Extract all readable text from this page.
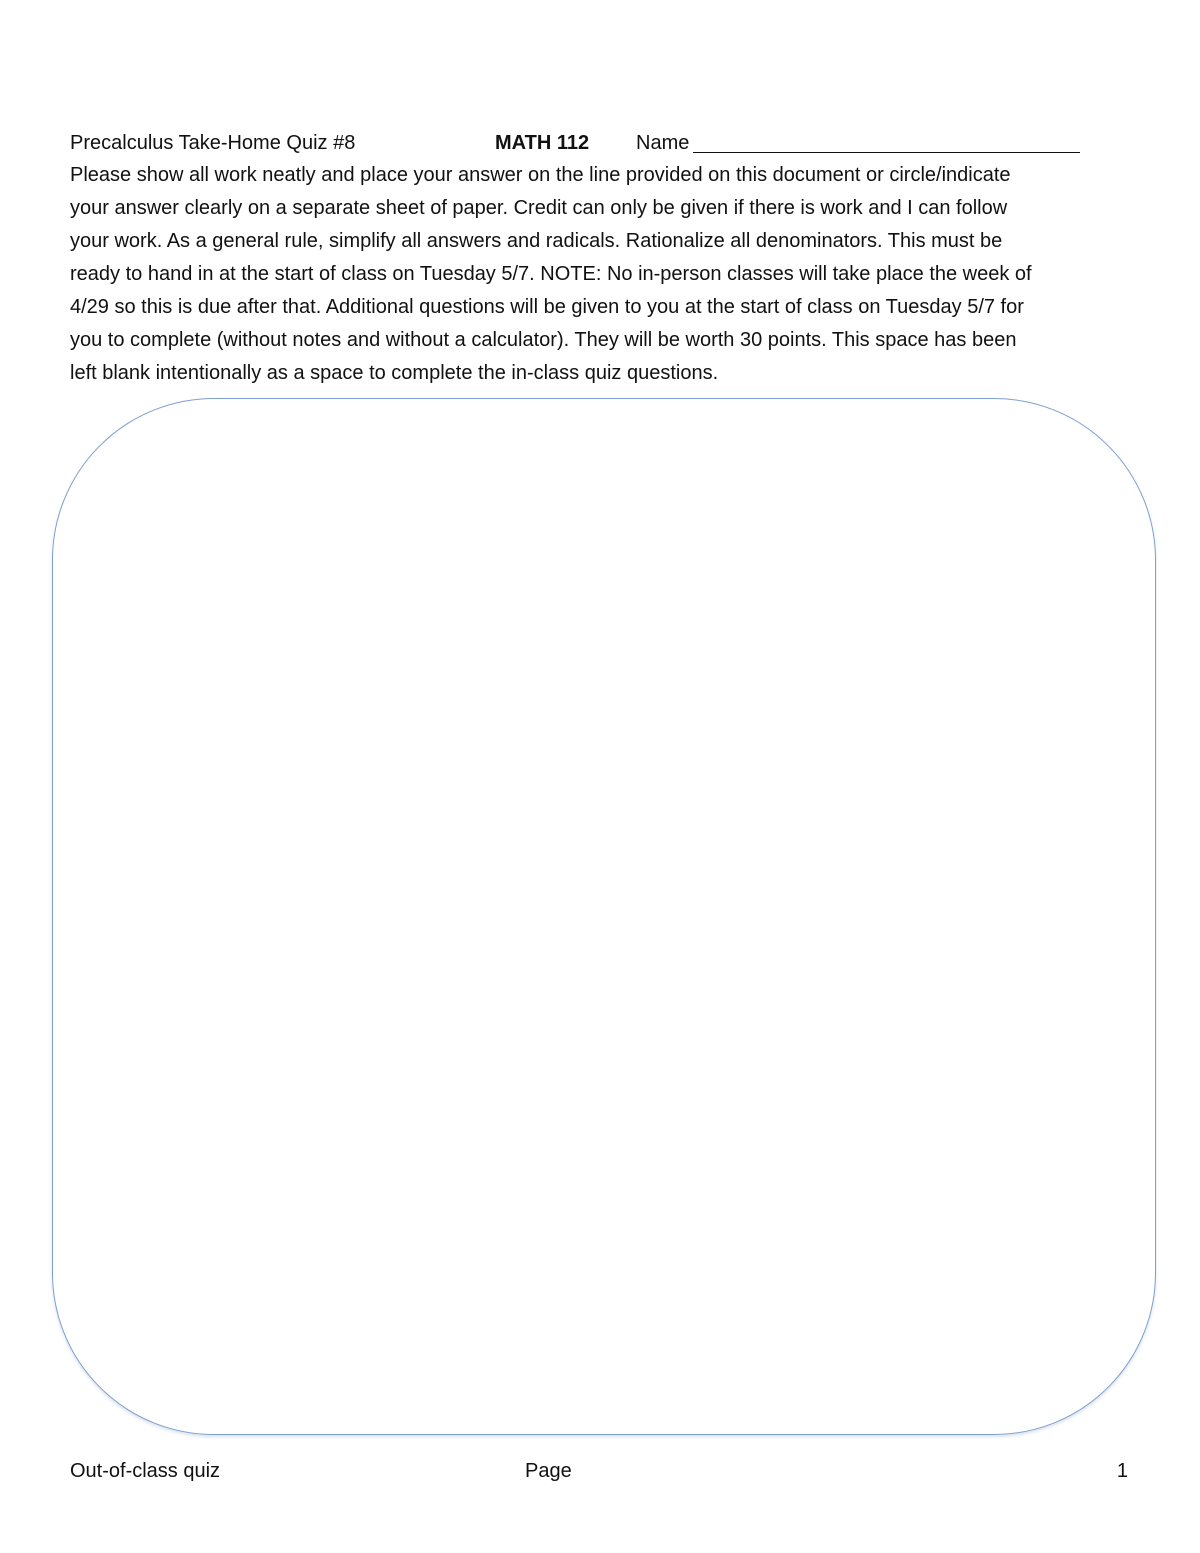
Precalculus Take-Home Quiz #8	MATH 112 Name

Please show all work neatly and place your answer on the line provided on this document or circle/indicate
your answer clearly on a separate sheet of paper. Credit can only be given if there is work and I can follow
your work. As a general rule, simplify all answers and radicals. Rationalize all denominators. This must be
ready to hand in at the start of class on Tuesday 5/7. NOTE: No in-person classes will take place the week of
4/29 so this is due after that. Additional questions will be given to you at the start of class on Tuesday 5/7 for
you to complete (without notes and without a calculator). They will be worth 30 points. This space has been
left blank intentionally as a space to complete the in-class quiz questions.

Out-of-class quiz	Page	1
